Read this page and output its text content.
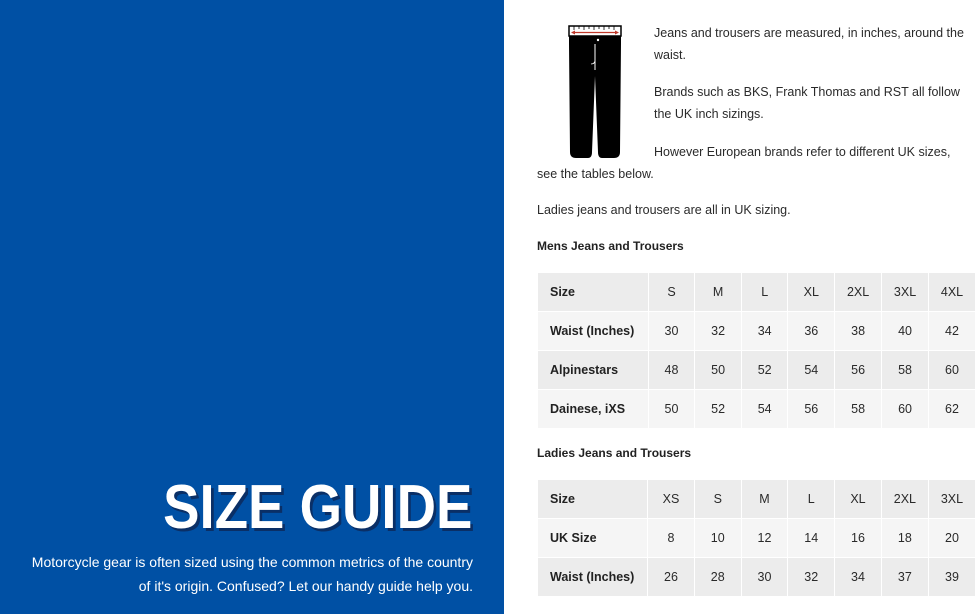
SIZE GUIDE

Motorcycle gear is often sized using the common metrics of the country
of it's origin. Confused? Let our handy guide help you.

Jeans and trousers are measured, in inches, around the waist.

Brands such as BKS, Frank Thomas and RST all follow the UK inch sizings.

However European brands refer to different UK sizes, see the tables below.

Ladies jeans and trousers are all in UK sizing.

Mens Jeans and Trousers

Size	S	M	L	XL	2XL	3XL	4XL
Waist (Inches)	30	32	34	36	38	40	42
Alpinestars	48	50	52	54	56	58	60
Dainese, iXS	50	52	54	56	58	60	62

Ladies Jeans and Trousers

Size	XS	S	M	L	XL	2XL	3XL
UK Size	8	10	12	14	16	18	20
Waist (Inches)	26	28	30	32	34	37	39
